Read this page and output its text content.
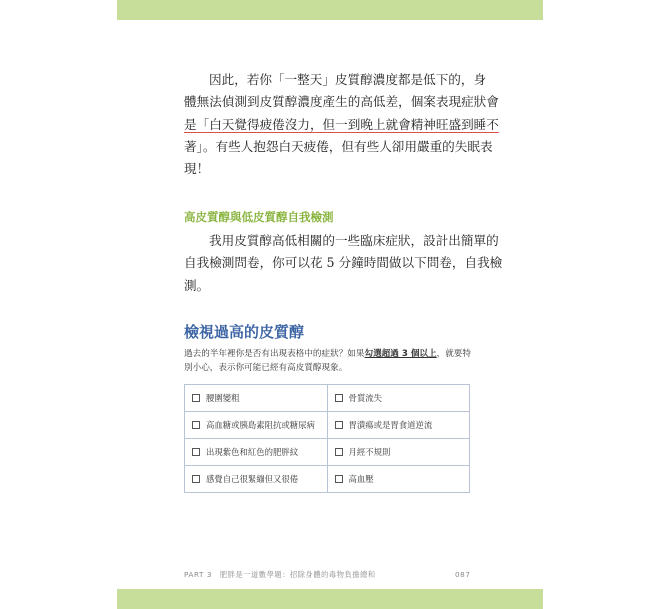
因此，若你「一整天」皮質醇濃度都是低下的，身
體無法偵測到皮質醇濃度產生的高低差，個案表現症狀會
是「白天覺得疲倦沒力，但一到晚上就會精神旺盛到睡不
著」。有些人抱怨白天疲倦，但有些人卻用嚴重的失眠表
現！

高皮質醇與低皮質醇自我檢測

我用皮質醇高低相關的一些臨床症狀，設計出簡單的
自我檢測問卷，你可以花 5 分鐘時間做以下問卷，自我檢
測。

檢視過高的皮質醇

過去的半年裡你是否有出現表格中的症狀？如果勾選超過 3 個以上，就要特
別小心，表示你可能已經有高皮質醇現象。

腰圍變粗	骨質流失
高血糖或胰島素阻抗或糖尿病	胃潰瘍或是胃食道逆流
出現紫色和紅色的肥胖紋	月經不規則
感覺自己很緊繃但又很倦	高血壓

PART 3　肥胖是一道數學題：招除身體的毒物負擔總和	087
